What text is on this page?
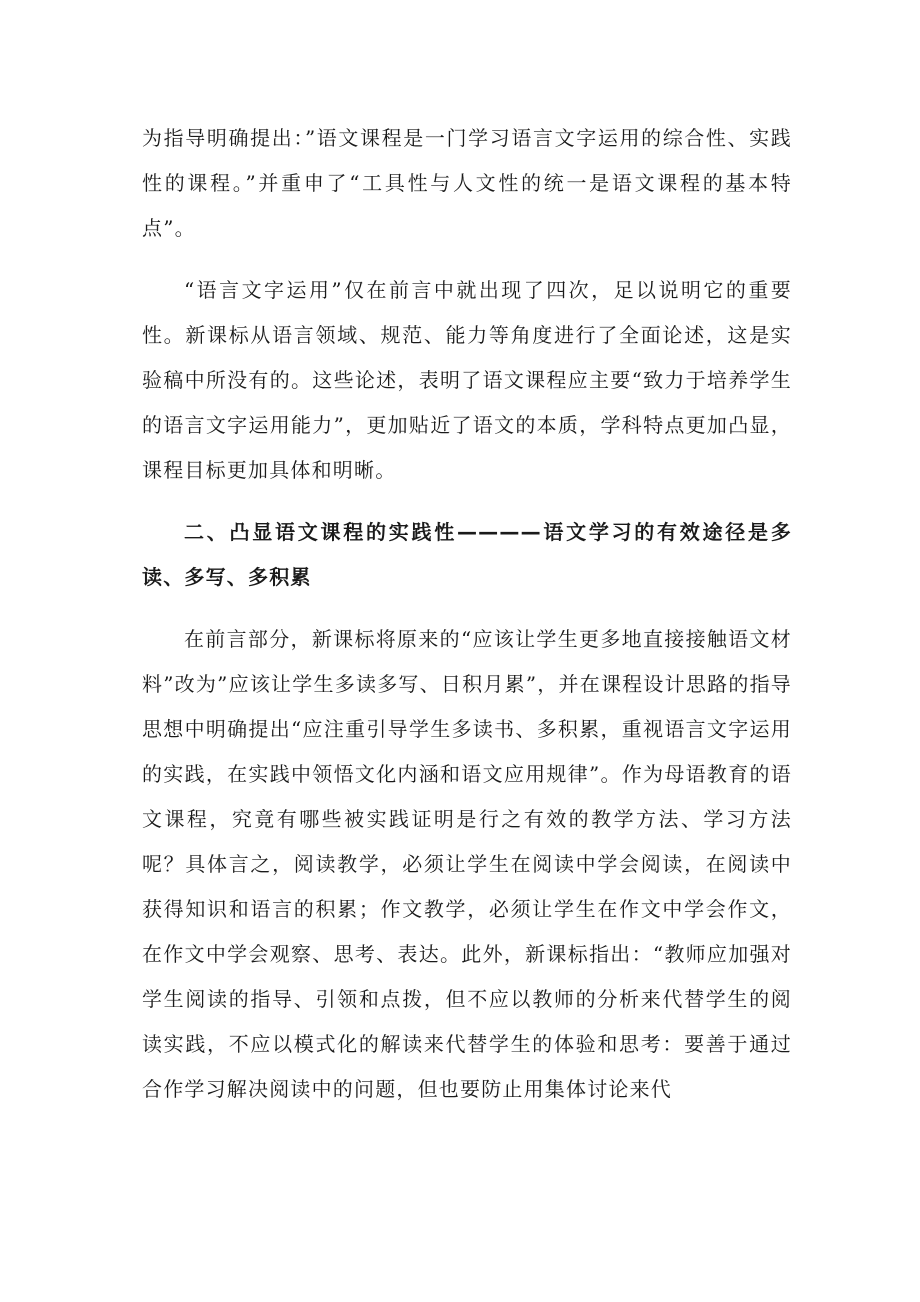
为指导明确提出：”语文课程是一门学习语言文字运用的综合性、实践性的课程。”并重申了“工具性与人文性的统一是语文课程的基本特点”。

“语言文字运用”仅在前言中就出现了四次，足以说明它的重要性。新课标从语言领域、规范、能力等角度进行了全面论述，这是实验稿中所没有的。这些论述，表明了语文课程应主要“致力于培养学生的语言文字运用能力”，更加贴近了语文的本质，学科特点更加凸显，课程目标更加具体和明晰。

二、凸显语文课程的实践性————语文学习的有效途径是多读、多写、多积累

在前言部分，新课标将原来的“应该让学生更多地直接接触语文材料”改为”应该让学生多读多写、日积月累”，并在课程设计思路的指导思想中明确提出“应注重引导学生多读书、多积累，重视语言文字运用的实践，在实践中领悟文化内涵和语文应用规律”。作为母语教育的语文课程，究竟有哪些被实践证明是行之有效的教学方法、学习方法呢？具体言之，阅读教学，必须让学生在阅读中学会阅读，在阅读中获得知识和语言的积累；作文教学，必须让学生在作文中学会作文，在作文中学会观察、思考、表达。此外，新课标指出：“教师应加强对学生阅读的指导、引领和点拨，但不应以教师的分析来代替学生的阅读实践，不应以模式化的解读来代替学生的体验和思考：要善于通过合作学习解决阅读中的问题，但也要防止用集体讨论来代
